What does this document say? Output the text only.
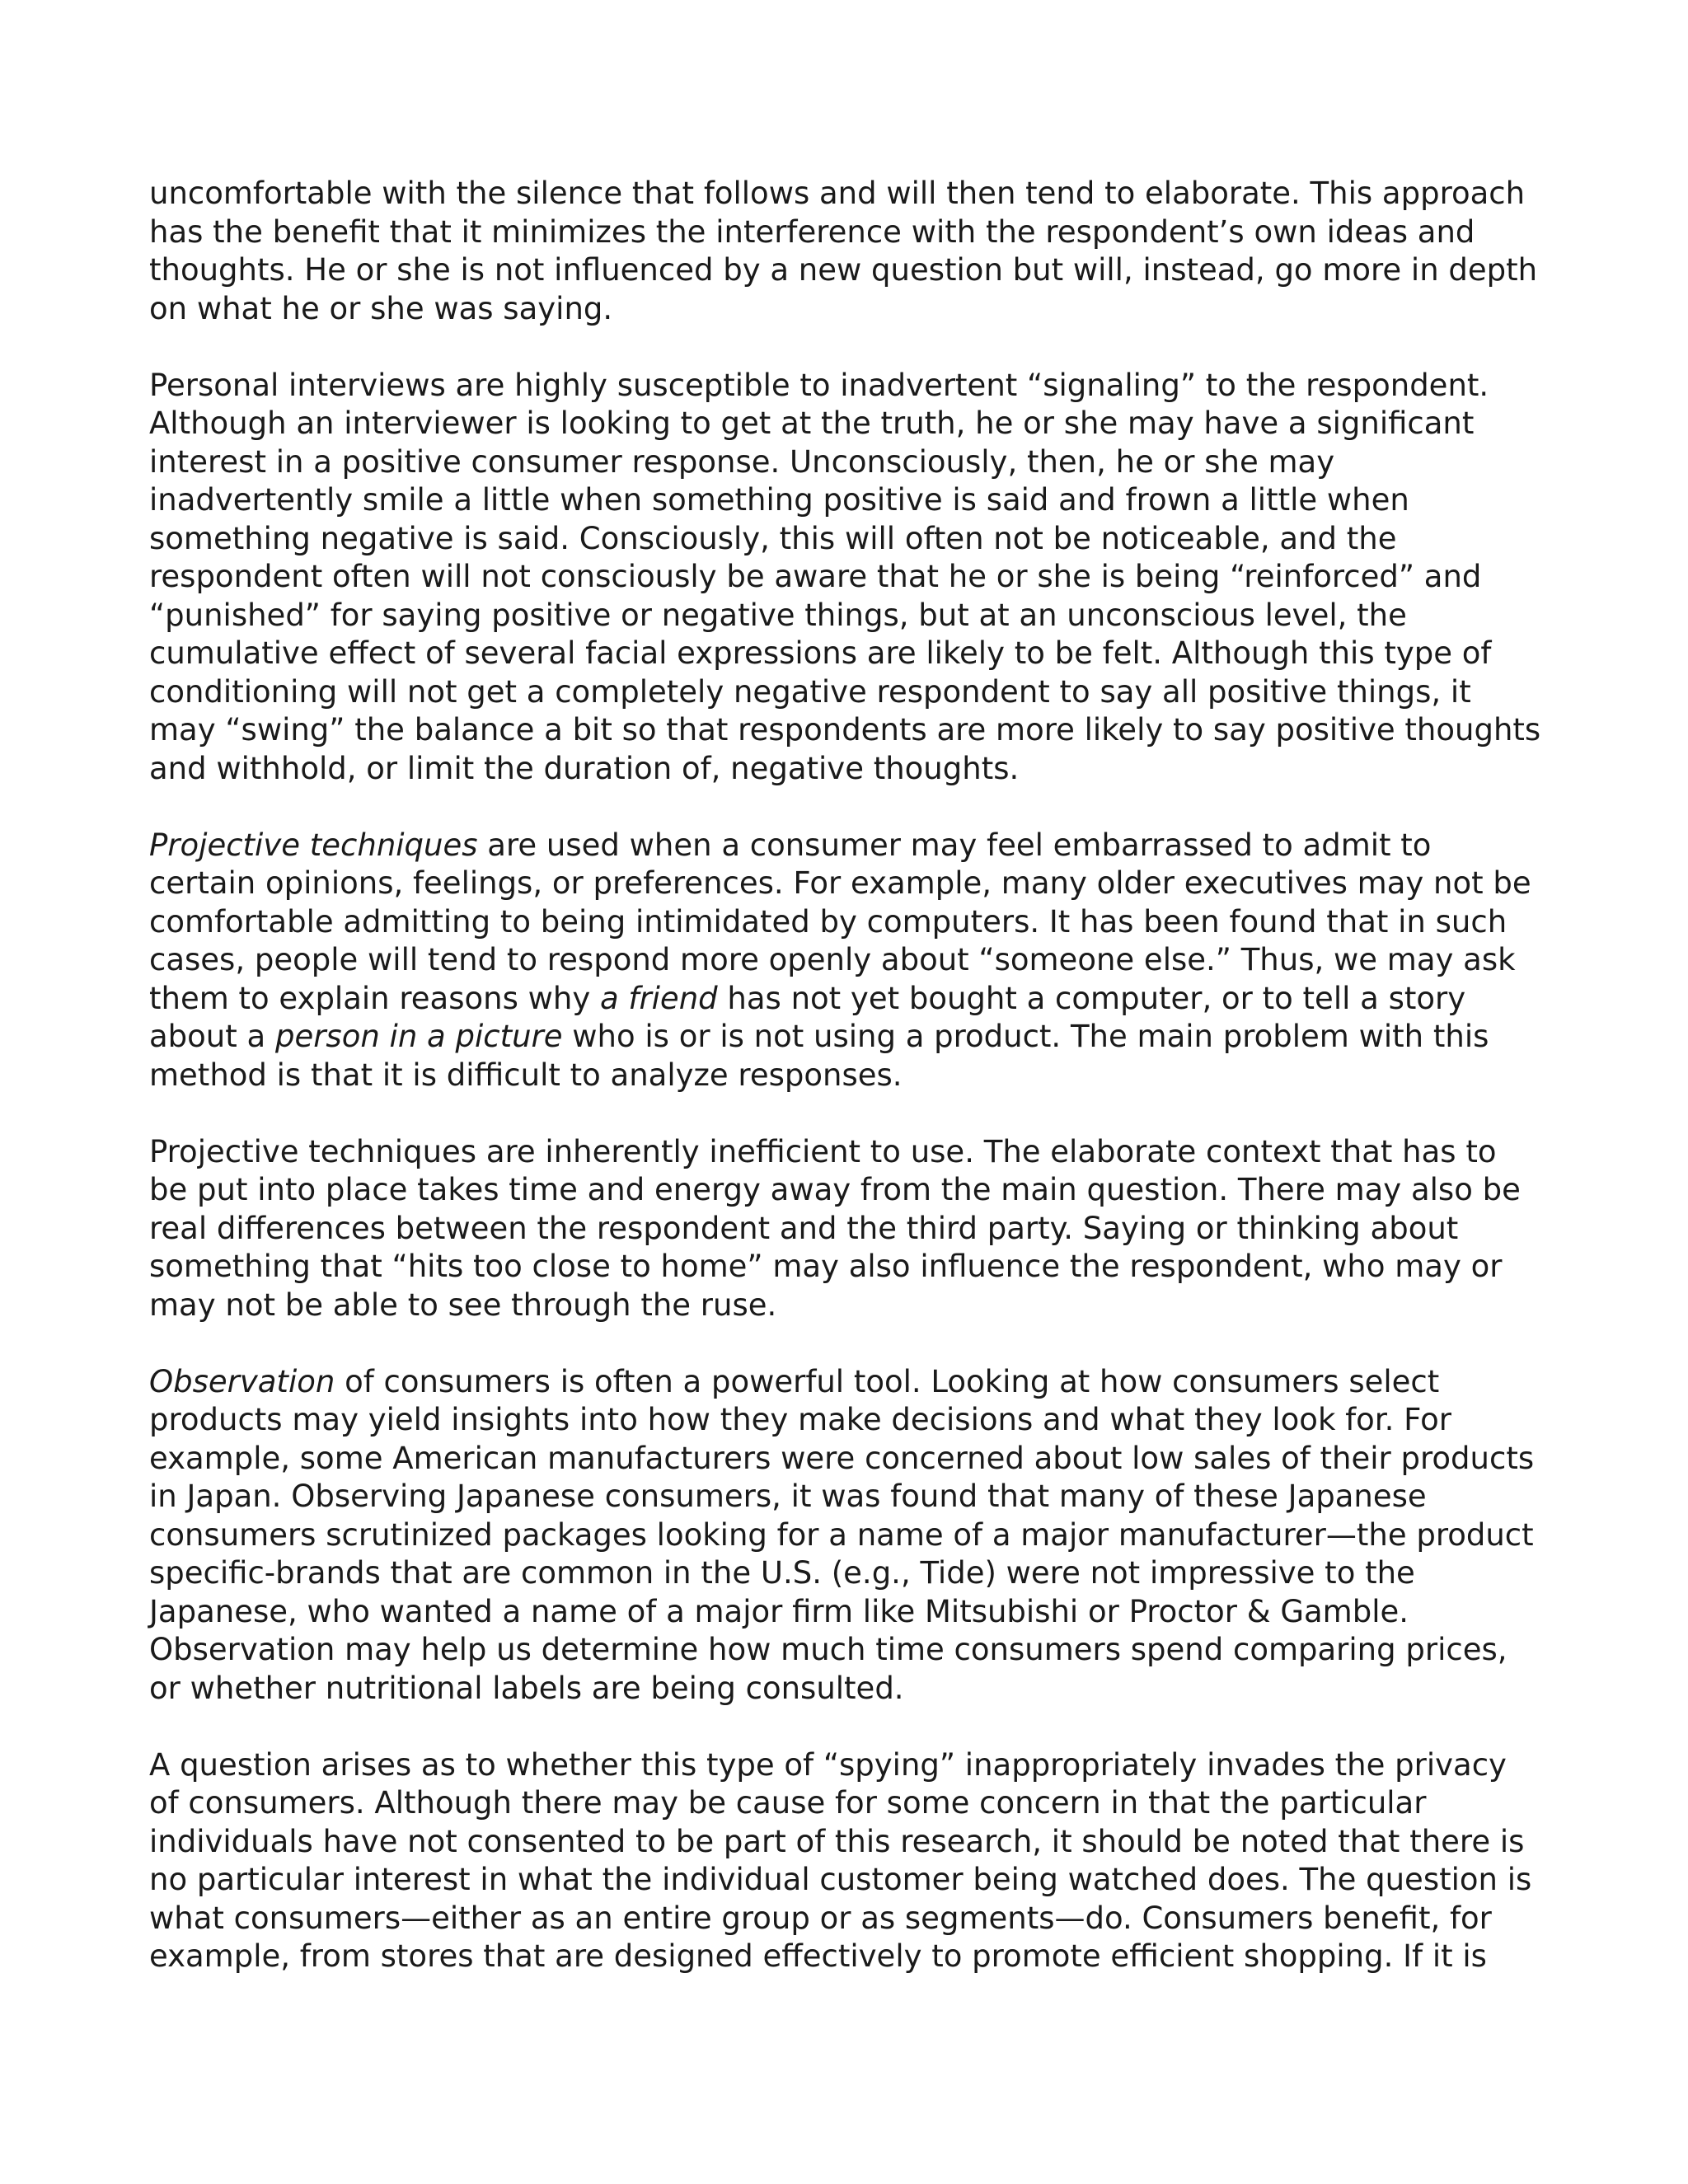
uncomfortable with the silence that follows and will then tend to elaborate. This approach has the benefit that it minimizes the interference with the respondent’s own ideas and thoughts. He or she is not influenced by a new question but will, instead, go more in depth on what he or she was saying.

Personal interviews are highly susceptible to inadvertent “signaling” to the respondent. Although an interviewer is looking to get at the truth, he or she may have a significant interest in a positive consumer response. Unconsciously, then, he or she may inadvertently smile a little when something positive is said and frown a little when something negative is said. Consciously, this will often not be noticeable, and the respondent often will not consciously be aware that he or she is being “reinforced” and “punished” for saying positive or negative things, but at an unconscious level, the cumulative effect of several facial expressions are likely to be felt. Although this type of conditioning will not get a completely negative respondent to say all positive things, it may “swing” the balance a bit so that respondents are more likely to say positive thoughts and withhold, or limit the duration of, negative thoughts.

Projective techniques are used when a consumer may feel embarrassed to admit to certain opinions, feelings, or preferences. For example, many older executives may not be comfortable admitting to being intimidated by computers. It has been found that in such cases, people will tend to respond more openly about “someone else.” Thus, we may ask them to explain reasons why a friend has not yet bought a computer, or to tell a story about a person in a picture who is or is not using a product. The main problem with this method is that it is difficult to analyze responses.

Projective techniques are inherently inefficient to use. The elaborate context that has to be put into place takes time and energy away from the main question. There may also be real differences between the respondent and the third party. Saying or thinking about something that “hits too close to home” may also influence the respondent, who may or may not be able to see through the ruse.

Observation of consumers is often a powerful tool. Looking at how consumers select products may yield insights into how they make decisions and what they look for. For example, some American manufacturers were concerned about low sales of their products in Japan. Observing Japanese consumers, it was found that many of these Japanese consumers scrutinized packages looking for a name of a major manufacturer—the product specific-brands that are common in the U.S. (e.g., Tide) were not impressive to the Japanese, who wanted a name of a major firm like Mitsubishi or Proctor & Gamble. Observation may help us determine how much time consumers spend comparing prices, or whether nutritional labels are being consulted.

A question arises as to whether this type of “spying” inappropriately invades the privacy of consumers. Although there may be cause for some concern in that the particular individuals have not consented to be part of this research, it should be noted that there is no particular interest in what the individual customer being watched does. The question is what consumers—either as an entire group or as segments—do. Consumers benefit, for example, from stores that are designed effectively to promote efficient shopping. If it is
